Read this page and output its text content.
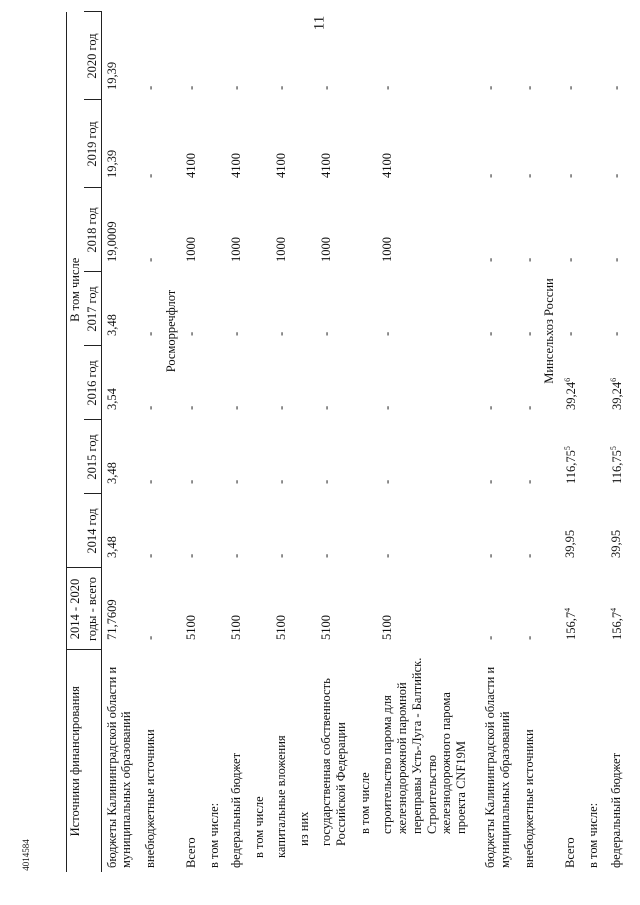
11
4014584
Источники финансирования	2014 - 2020	В том числе						
	годы - всего	2014 год	2015 год	2016 год	2017 год	2018 год	2019 год	2020 год
бюджеты Калининградской области и муниципальных образований	71,7609	3,48	3,48	3,54	3,48	19,0009	19,39	19,39
внебюджетные источники	-	-	-	-	-	-	-	-
	Росморречфлот							
Всего	5100	-	-	-	-	1000	4100	-
в том числе:								
федеральный бюджет	5100	-	-	-	-	1000	4100	-
в том числе								
капитальные вложения	5100	-	-	-	-	1000	4100	-
из них								
государственная собственность Российской Федерации	5100	-	-	-	-	1000	4100	-
в том числе								
строительство парома для железнодорожной паромной переправы Усть-Луга - Балтийск. Строительство железнодорожного парома проекта CNF19M	5100	-	-	-	-	1000	4100	-
бюджеты Калининградской области и муниципальных образований	-	-	-	-	-	-	-	-
внебюджетные источники	-	-	-	-	-	-	-	-
	Минсельхоз России							
Всего	156,7$^4$	39,95	116,75$^5$	39,24$^6$	-	-	-	-
в том числе:								
федеральный бюджет	156,7$^4$	39,95	116,75$^5$	39,24$^6$	-	-	-	-
